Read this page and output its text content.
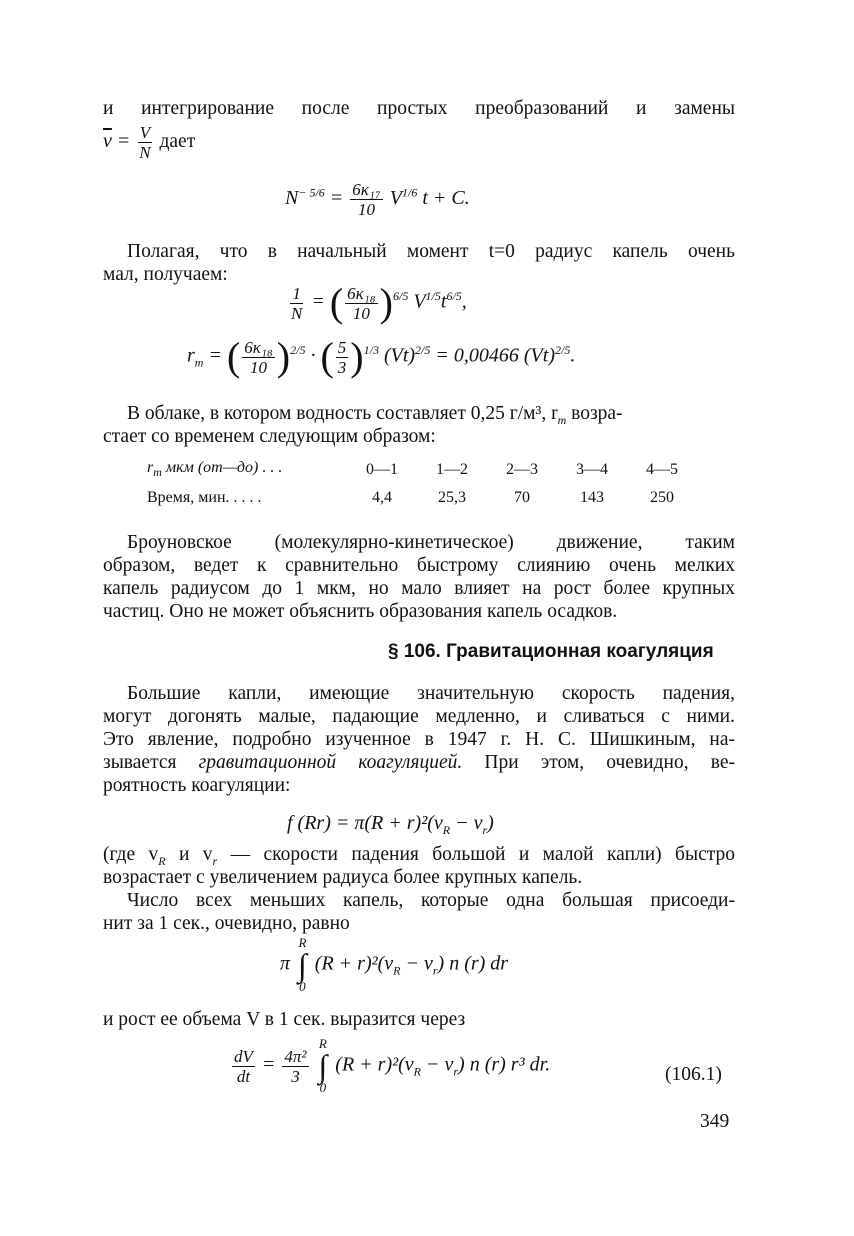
и интегрирование после простых преобразований и замены
$\overline{v} = \frac{V}{N}$ дает
$N^{- 5/6} = \frac{\text{6κ₁₇}}{10} V^{1/6}$ t + C.
Полагая, что в начальный момент t=0 радиус капель очень
мал, получаем:
$\frac{1}{N}$ = ( $\frac{\text{6κ₁₈}}{10} )^{6/5}$ $V^{1/5}t^{6/5}$,
$r_m$ = ( $\frac{\text{6κ₁₈}}{10} )^{2/5}$ · ( $\frac{5}{3} )^{1/3}$ $(Vt)^{2/5} = 0,00466$ $(Vt)^{2/5}$.
В облаке, в котором водность составляет 0,25 г/м³, $r_m$ возра-
стает со временем следующим образом:
$r_m$ мкм (от—до) . . .	0—1	1—2	2—3	3—4	4—5
Время, мин. . . . .	4,4	25,3	70	143	250
Броуновское (молекулярно-кинетическое) движение, таким
образом, ведет к сравнительно быстрому слиянию очень мелких
капель радиусом до 1 мкм, но мало влияет на рост более крупных
частиц. Оно не может объяснить образования капель осадков.
§ 106. Гравитационная коагуляция
Большие капли, имеющие значительную скорость падения,
могут догонять малые, падающие медленно, и сливаться с ними.
Это явление, подробно изученное в 1947 г. Н. С. Шишкиным, на-
зывается гравитационной коагуляцией. При этом, очевидно, ве-
роятность коагуляции:
f $(Rr) = \pi(R + r)^2(v_R - v_r)$
(где $v_R$ и $v_r$ — скорости падения большой и малой капли) быстро
возрастает с увеличением радиуса более крупных капель.
Число всех меньших капель, которые одна большая присоеди-
нит за 1 сек., очевидно, равно
π
R
∫
0
$(R + r)^2(v_R - v_r)$ n (r) dr
и рост ее объема V в 1 сек. выразится через
$\frac{dV}{dt} = \frac{\text{4π²}}{3}$

R
∫
0
$(R + r)^2(v_R - v_r)$ n (r) r³ dr.	(106.1)
349
